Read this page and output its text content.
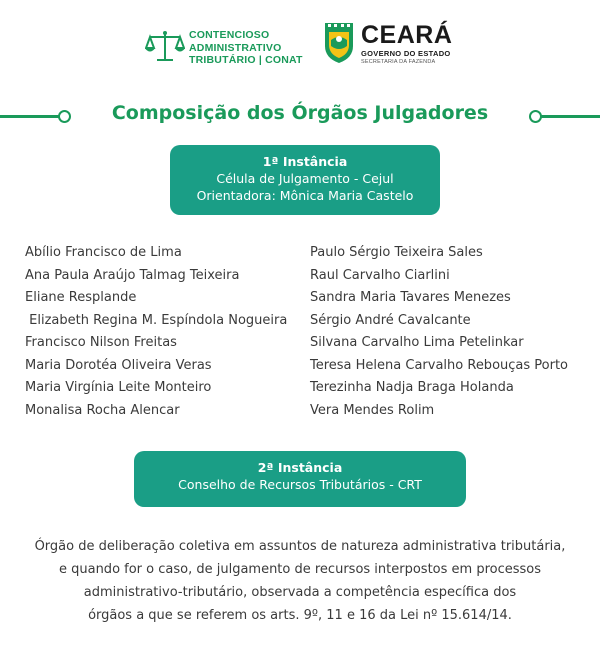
CONTENCIOSO
ADMINISTRATIVO
TRIBUTÁRIO | CONAT
CEARÁ
GOVERNO DO ESTADO
SECRETARIA DA FAZENDA
Composição dos Órgãos Julgadores
1ª Instância
Célula de Julgamento - Cejul
Orientadora: Mônica Maria Castelo
Abílio Francisco de Lima
Ana Paula Araújo Talmag Teixeira
Eliane Resplande
Elizabeth Regina M. Espíndola Nogueira
Francisco Nilson Freitas
Maria Dorotéa Oliveira Veras
Maria Virgínia Leite Monteiro
Monalisa Rocha Alencar
Paulo Sérgio Teixeira Sales
Raul Carvalho Ciarlini
Sandra Maria Tavares Menezes
Sérgio André Cavalcante
Silvana Carvalho Lima Petelinkar
Teresa Helena Carvalho Rebouças Porto
Terezinha Nadja Braga Holanda
Vera Mendes Rolim
2ª Instância
Conselho de Recursos Tributários - CRT
Órgão de deliberação coletiva em assuntos de natureza administrativa tributária,
e quando for o caso, de julgamento de recursos interpostos em processos
administrativo-tributário, observada a competência específica dos
órgãos a que se referem os arts. 9º, 11 e 16 da Lei nº 15.614/14.
